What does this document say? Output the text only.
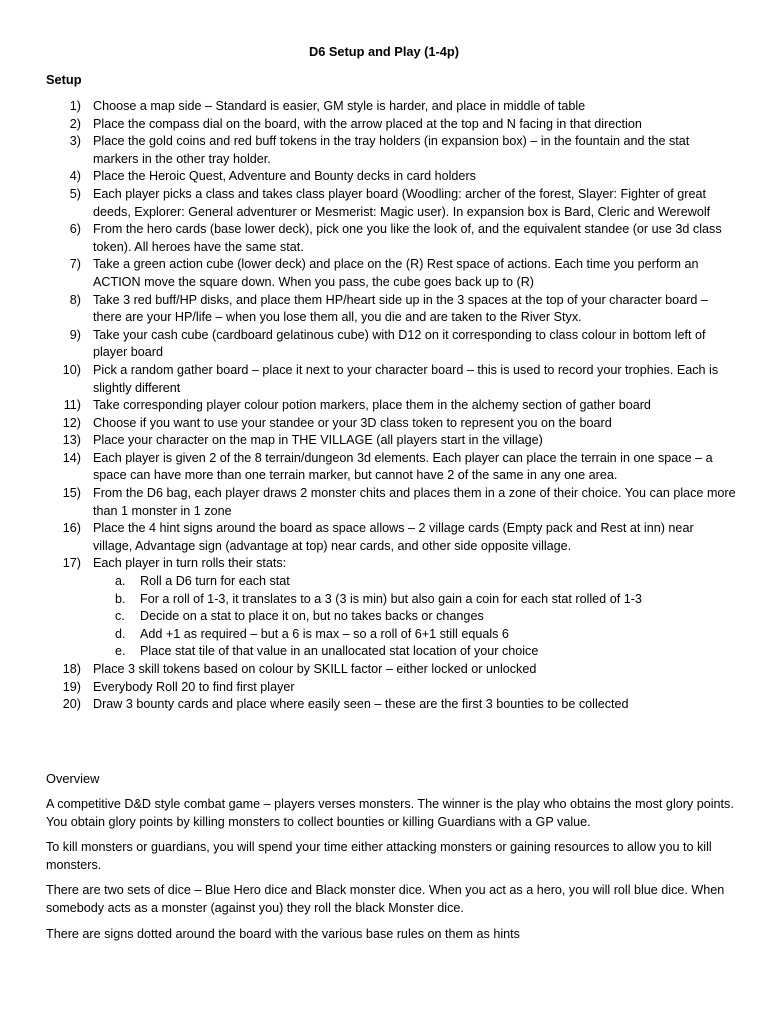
D6 Setup and Play (1-4p)
Setup
1) Choose a map side – Standard is easier, GM style is harder, and place in middle of table
2) Place the compass dial on the board, with the arrow placed at the top and N facing in that direction
3) Place the gold coins and red buff tokens in the tray holders (in expansion box) – in the fountain and the stat markers in the other tray holder.
4) Place the Heroic Quest, Adventure and Bounty decks in card holders
5) Each player picks a class and takes class player board (Woodling: archer of the forest, Slayer: Fighter of great deeds, Explorer: General adventurer or Mesmerist: Magic user). In expansion box is Bard, Cleric and Werewolf
6) From the hero cards (base lower deck), pick one you like the look of, and the equivalent standee (or use 3d class token). All heroes have the same stat.
7) Take a green action cube (lower deck) and place on the (R) Rest space of actions. Each time you perform an ACTION move the square down. When you pass, the cube goes back up to (R)
8) Take 3 red buff/HP disks, and place them HP/heart side up in the 3 spaces at the top of your character board – there are your HP/life – when you lose them all, you die and are taken to the River Styx.
9) Take your cash cube (cardboard gelatinous cube) with D12 on it corresponding to class colour in bottom left of player board
10) Pick a random gather board – place it next to your character board – this is used to record your trophies. Each is slightly different
11) Take corresponding player colour potion markers, place them in the alchemy section of gather board
12) Choose if you want to use your standee or your 3D class token to represent you on the board
13) Place your character on the map in THE VILLAGE (all players start in the village)
14) Each player is given 2 of the 8 terrain/dungeon 3d elements. Each player can place the terrain in one space – a space can have more than one terrain marker, but cannot have 2 of the same in any one area.
15) From the D6 bag, each player draws 2 monster chits and places them in a zone of their choice. You can place more than 1 monster in 1 zone
16) Place the 4 hint signs around the board as space allows – 2 village cards (Empty pack and Rest at inn) near village, Advantage sign (advantage at top) near cards, and other side opposite village.
17) Each player in turn rolls their stats:
a. Roll a D6 turn for each stat
b. For a roll of 1-3, it translates to a 3 (3 is min) but also gain a coin for each stat rolled of 1-3
c. Decide on a stat to place it on, but no takes backs or changes
d. Add +1 as required – but a 6 is max – so a roll of 6+1 still equals 6
e. Place stat tile of that value in an unallocated stat location of your choice
18) Place 3 skill tokens based on colour by SKILL factor – either locked or unlocked
19) Everybody Roll 20 to find first player
20) Draw 3 bounty cards and place where easily seen – these are the first 3 bounties to be collected
Overview

A competitive D&D style combat game – players verses monsters. The winner is the play who obtains the most glory points. You obtain glory points by killing monsters to collect bounties or killing Guardians with a GP value.

To kill monsters or guardians, you will spend your time either attacking monsters or gaining resources to allow you to kill monsters.

There are two sets of dice – Blue Hero dice and Black monster dice. When you act as a hero, you will roll blue dice. When somebody acts as a monster (against you) they roll the black Monster dice.

There are signs dotted around the board with the various base rules on them as hints
